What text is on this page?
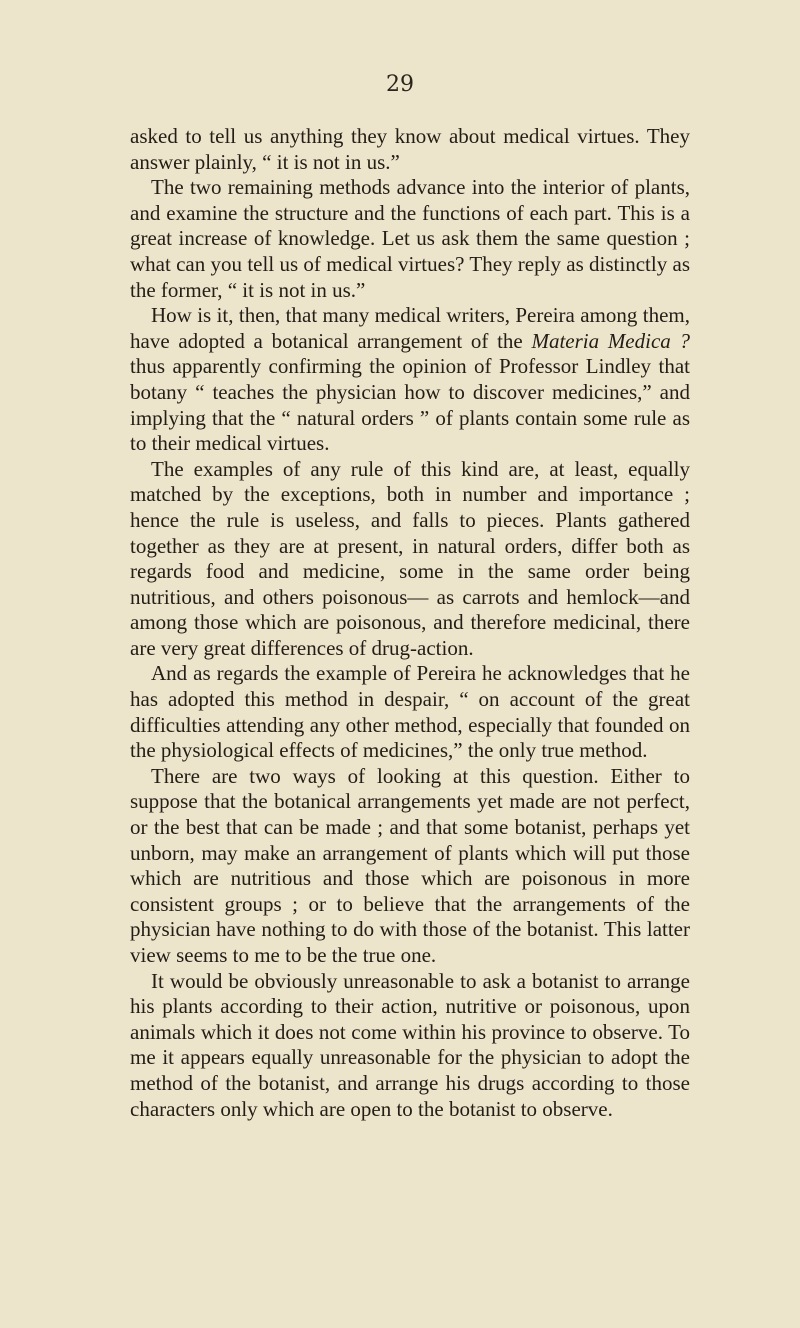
29

asked to tell us anything they know about medical virtues. They answer plainly, “ it is not in us.”

The two remaining methods advance into the interior of plants, and examine the structure and the functions of each part. This is a great increase of knowledge. Let us ask them the same question ; what can you tell us of medical virtues? They reply as distinctly as the former, “ it is not in us.”

How is it, then, that many medical writers, Pereira among them, have adopted a botanical arrangement of the Materia Medica ? thus apparently confirming the opinion of Professor Lindley that botany “ teaches the physician how to discover medicines,” and implying that the “ natural orders ” of plants contain some rule as to their medical virtues.

The examples of any rule of this kind are, at least, equally matched by the exceptions, both in number and importance ; hence the rule is useless, and falls to pieces. Plants gathered together as they are at present, in natural orders, differ both as regards food and medicine, some in the same order being nutritious, and others poisonous— as carrots and hemlock—and among those which are poisonous, and therefore medicinal, there are very great differences of drug-action.

And as regards the example of Pereira he acknowledges that he has adopted this method in despair, “ on account of the great difficulties attending any other method, especially that founded on the physiological effects of medicines,” the only true method.

There are two ways of looking at this question. Either to suppose that the botanical arrangements yet made are not perfect, or the best that can be made ; and that some botanist, perhaps yet unborn, may make an arrangement of plants which will put those which are nutritious and those which are poisonous in more consistent groups ; or to believe that the arrangements of the physician have nothing to do with those of the botanist. This latter view seems to me to be the true one.

It would be obviously unreasonable to ask a botanist to arrange his plants according to their action, nutritive or poisonous, upon animals which it does not come within his province to observe. To me it appears equally unreasonable for the physician to adopt the method of the botanist, and arrange his drugs according to those characters only which are open to the botanist to observe.
